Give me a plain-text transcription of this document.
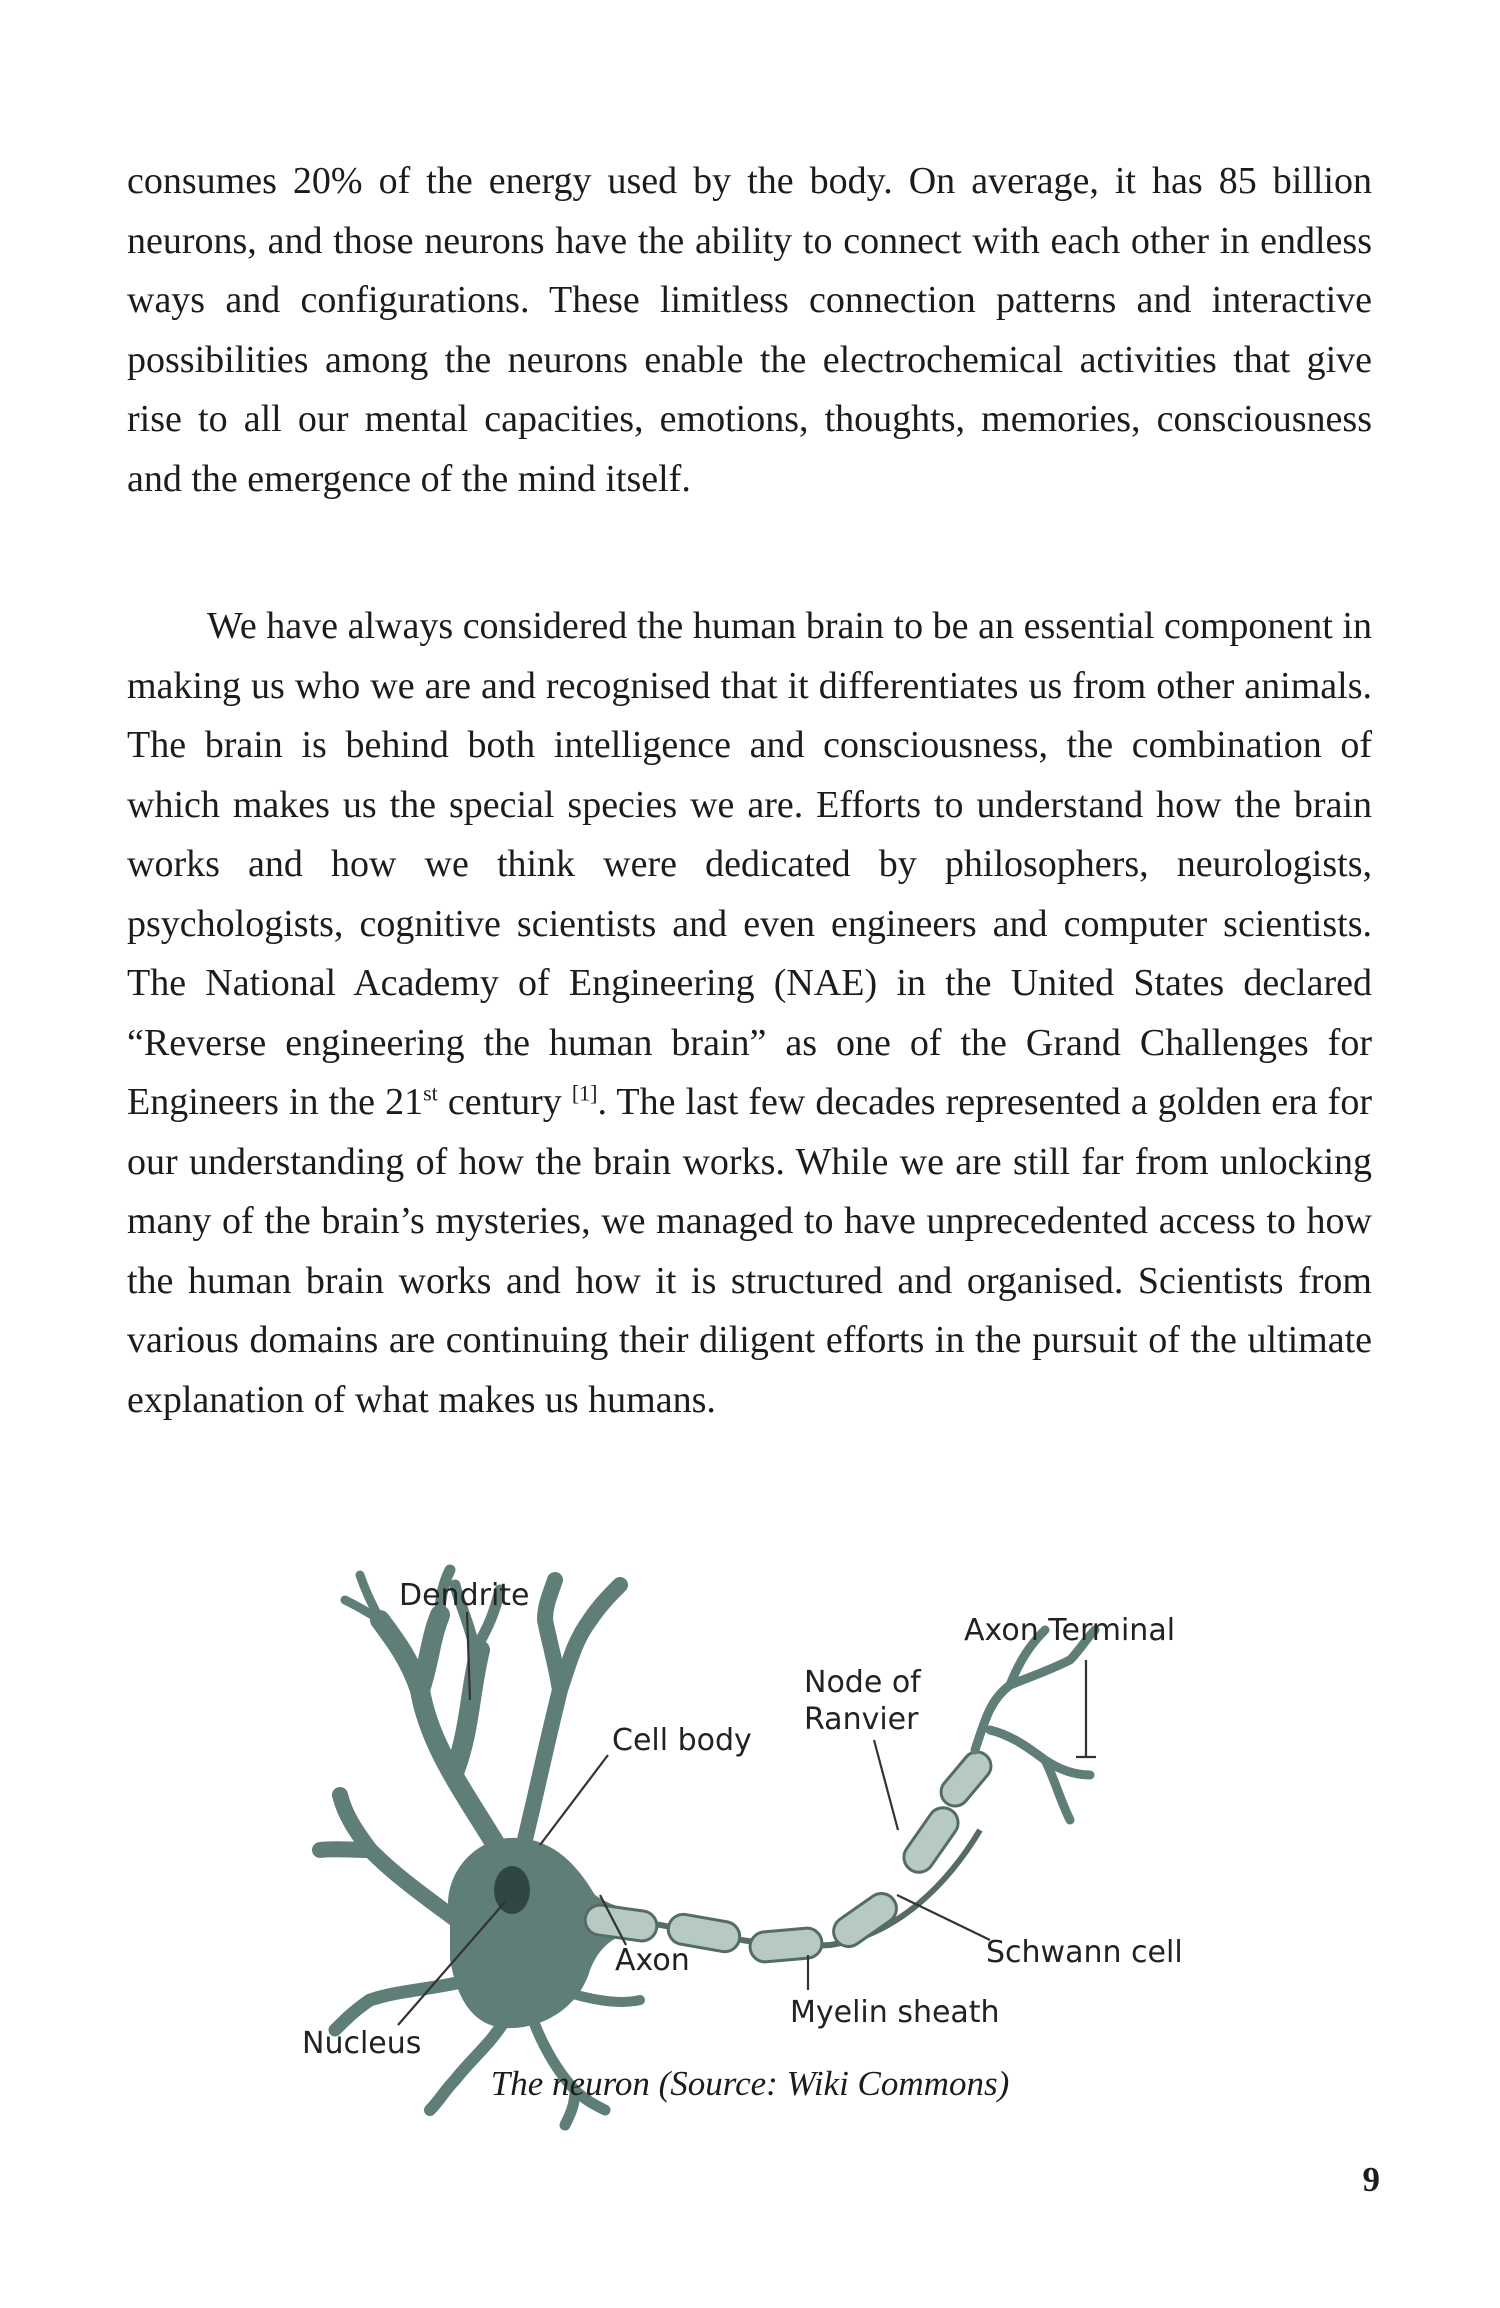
consumes 20% of the energy used by the body. On average, it has 85 billion neurons, and those neurons have the ability to connect with each other in endless ways and configurations. These limitless connection patterns and interactive possibilities among the neurons enable the electrochemical activities that give rise to all our mental capacities, emotions, thoughts, memories, consciousness and the emergence of the mind itself.

We have always considered the human brain to be an essential component in making us who we are and recognised that it differentiates us from other animals. The brain is behind both intelligence and consciousness, the combination of which makes us the special species we are. Efforts to understand how the brain works and how we think were dedicated by philosophers, neurologists, psychologists, cognitive scientists and even engineers and computer scientists. The National Academy of Engineering (NAE) in the United States declared “Reverse engineering the human brain” as one of the Grand Challenges for Engineers in the 21st century [1]. The last few decades represented a golden era for our understanding of how the brain works. While we are still far from unlocking many of the brain’s mysteries, we managed to have unprecedented access to how the human brain works and how it is structured and organised. Scientists from various domains are continuing their diligent efforts in the pursuit of the ultimate explanation of what makes us humans.

Dendrite
Axon Terminal
Node of
Ranvier
Cell body
Axon	Schwann cell
Myelin sheath
Nucleus
The neuron (Source: Wiki Commons)
9
